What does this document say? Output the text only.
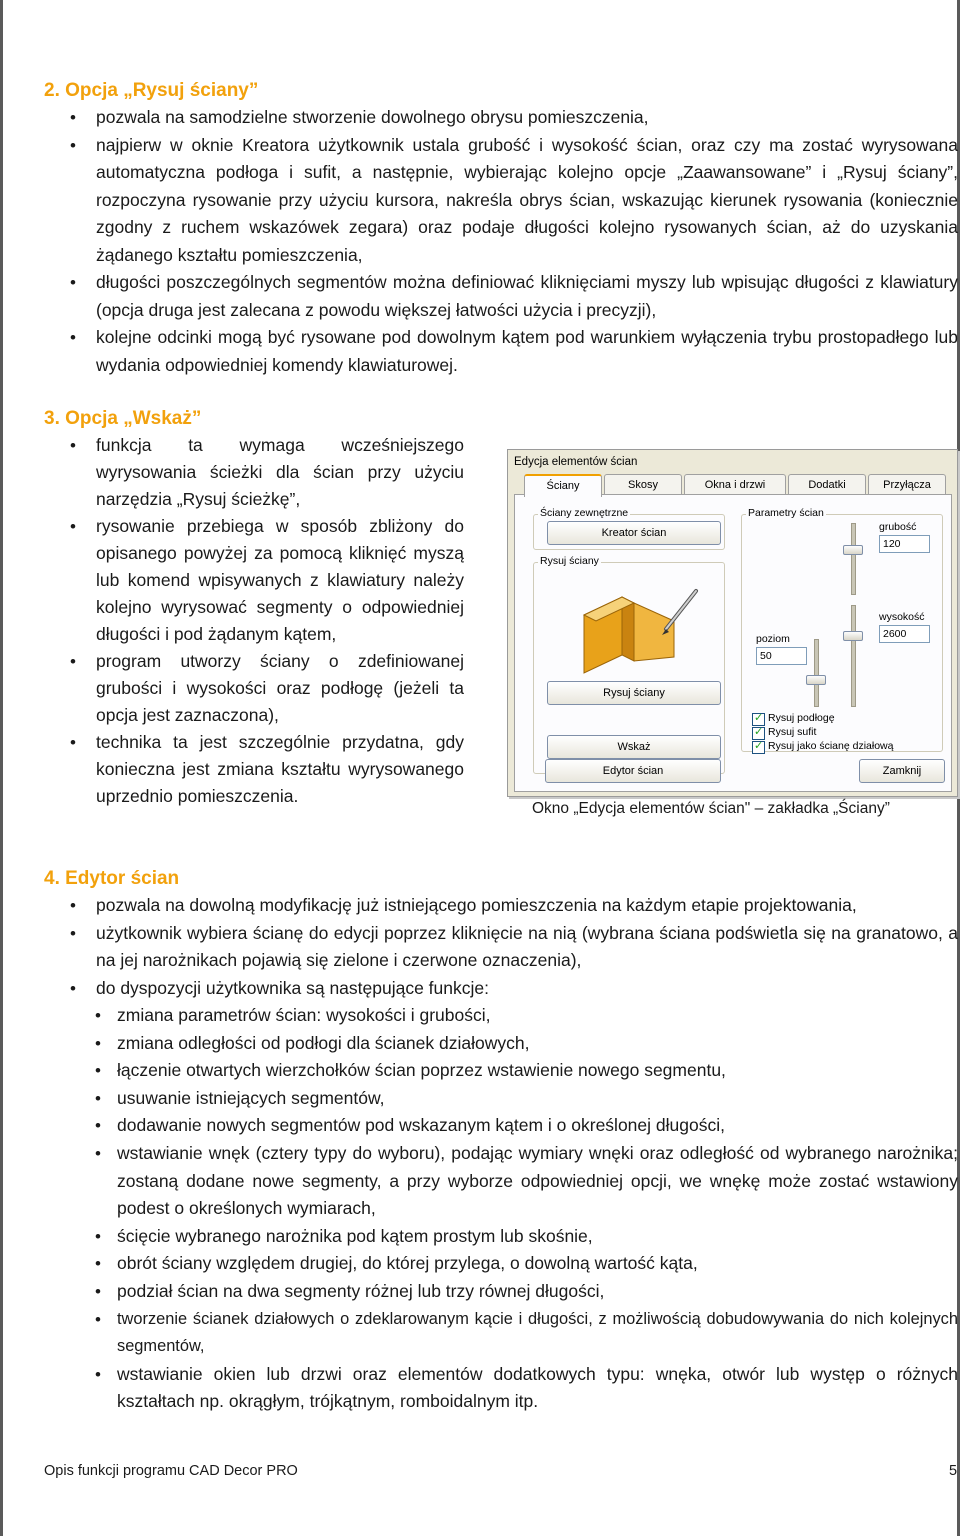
2. Opcja „Rysuj ściany”
• pozwala na samodzielne stworzenie dowolnego obrysu pomieszczenia,
• najpierw w oknie Kreatora użytkownik ustala grubość i wysokość ścian, oraz czy ma zostać wyrysowana automatyczna podłoga i sufit, a następnie, wybierając kolejno opcje „Zaawansowane” i „Rysuj ściany”, rozpoczyna rysowanie przy użyciu kursora, nakreśla obrys ścian, wskazując kierunek rysowania (koniecznie zgodny z ruchem wskazówek zegara) oraz podaje długości kolejno rysowanych ścian, aż do uzyskania żądanego kształtu pomieszczenia,
• długości poszczególnych segmentów można definiować kliknięciami myszy lub wpisując długości z klawiatury (opcja druga jest zalecana z powodu większej łatwości użycia i precyzji),
• kolejne odcinki mogą być rysowane pod dowolnym kątem pod warunkiem wyłączenia trybu prostopadłego lub wydania odpowiedniej komendy klawiaturowej.
3. Opcja „Wskaż”
• funkcja ta wymaga wcześniejszego wyrysowania ścieżki dla ścian przy użyciu narzędzia „Rysuj ścieżkę”,
• rysowanie przebiega w sposób zbliżony do opisanego powyżej za pomocą kliknięć myszą lub komend wpisywanych z klawiatury należy kolejno wyrysować segmenty o odpowiedniej długości i pod żądanym kątem,
• program utworzy ściany o zdefiniowanej grubości i wysokości oraz podłogę (jeżeli ta opcja jest zaznaczona),
• technika ta jest szczególnie przydatna, gdy konieczna jest zmiana kształtu wyrysowanego uprzednio pomieszczenia.
4. Edytor ścian
• pozwala na dowolną modyfikację już istniejącego pomieszczenia na każdym etapie projektowania,
• użytkownik wybiera ścianę do edycji poprzez kliknięcie na nią (wybrana ściana podświetla się na granatowo, a na jej narożnikach pojawią się zielone i czerwone oznaczenia),
• do dyspozycji użytkownika są następujące funkcje:
• zmiana parametrów ścian: wysokości i grubości,
• zmiana odległości od podłogi dla ścianek działowych,
• łączenie otwartych wierzchołków ścian poprzez wstawienie nowego segmentu,
• usuwanie istniejących segmentów,
• dodawanie nowych segmentów pod wskazanym kątem i o określonej długości,
• wstawianie wnęk (cztery typy do wyboru), podając wymiary wnęki oraz odległość od wybranego narożnika; zostaną dodane nowe segmenty, a przy wyborze odpowiedniej opcji, we wnękę może zostać wstawiony podest o określonych wymiarach,
• ścięcie wybranego narożnika pod kątem prostym lub skośnie,
• obrót ściany względem drugiej, do której przylega, o dowolną wartość kąta,
• podział ścian na dwa segmenty różnej lub trzy równej długości,
• tworzenie ścianek działowych o zdeklarowanym kącie i długości, z możliwością dobudowywania do nich kolejnych segmentów,
• wstawianie okien lub drzwi oraz elementów dodatkowych typu: wnęka, otwór lub występ o różnych kształtach np. okrągłym, trójkątnym, romboidalnym itp.
Edycja elementów ścian
Ściany	Skosy	Okna i drzwi	Dodatki	Przyłącza
Ściany zewnętrzne
Kreator ścian
Rysuj ściany
Rysuj ściany
Wskaż
Parametry ścian
grubość
120
wysokość
2600
poziom
50
✓
Rysuj podłogę
✓
Rysuj sufit
✓
Rysuj jako ścianę działową
Edytor ścian	Zamknij
Okno „Edycja elementów ścian" – zakładka „Ściany”
Opis funkcji programu CAD Decor PRO	5
